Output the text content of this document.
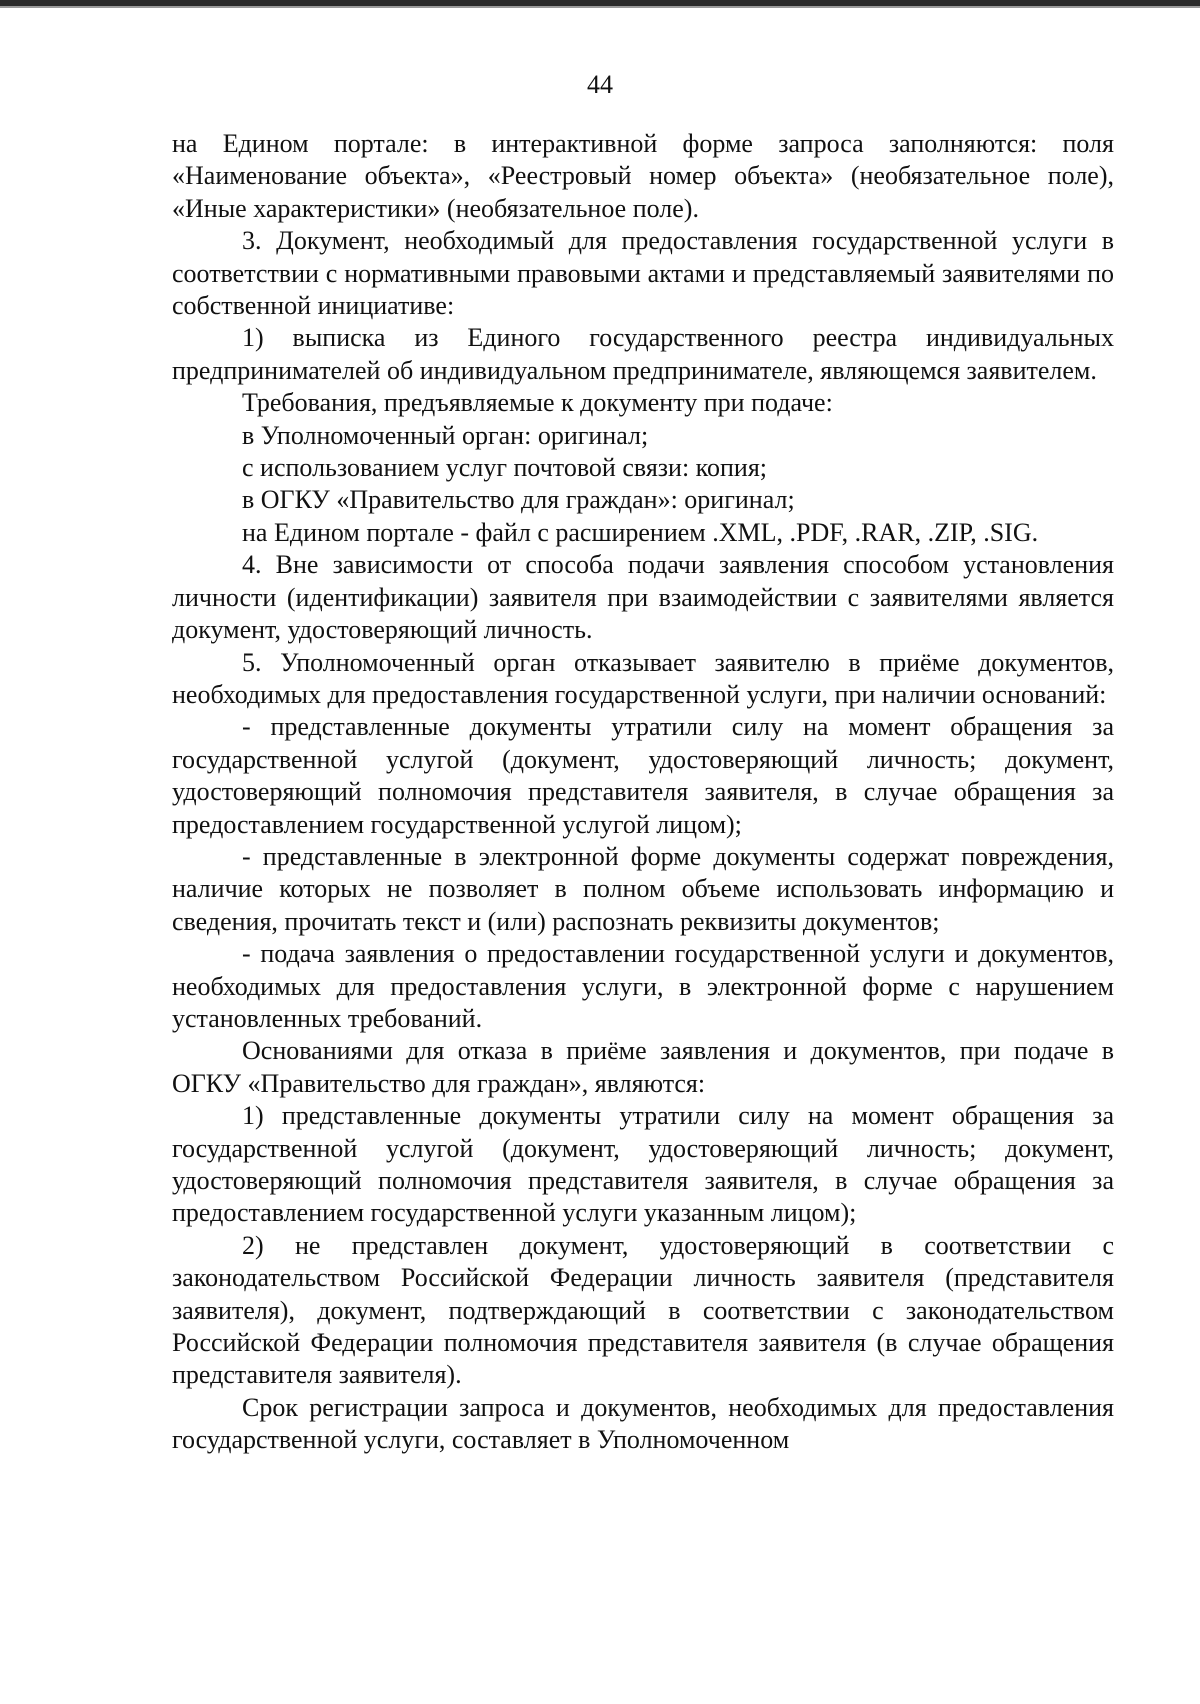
44

на Едином портале: в интерактивной форме запроса заполняются: поля «Наименование объекта», «Реестровый номер объекта» (необязательное поле), «Иные характеристики» (необязательное поле).

3. Документ, необходимый для предоставления государственной услуги в соответствии с нормативными правовыми актами и представляемый заявителями по собственной инициативе:

1) выписка из Единого государственного реестра индивидуальных предпринимателей об индивидуальном предпринимателе, являющемся заявителем.

Требования, предъявляемые к документу при подаче:

в Уполномоченный орган: оригинал;

с использованием услуг почтовой связи: копия;

в ОГКУ «Правительство для граждан»: оригинал;

на Едином портале - файл с расширением .XML, .PDF, .RAR, .ZIP, .SIG.

4. Вне зависимости от способа подачи заявления способом установления личности (идентификации) заявителя при взаимодействии с заявителями является документ, удостоверяющий личность.

5. Уполномоченный орган отказывает заявителю в приёме документов, необходимых для предоставления государственной услуги, при наличии оснований:

- представленные документы утратили силу на момент обращения за государственной услугой (документ, удостоверяющий личность; документ, удостоверяющий полномочия представителя заявителя, в случае обращения за предоставлением государственной услугой лицом);

- представленные в электронной форме документы содержат повреждения, наличие которых не позволяет в полном объеме использовать информацию и сведения, прочитать текст и (или) распознать реквизиты документов;

- подача заявления о предоставлении государственной услуги и документов, необходимых для предоставления услуги, в электронной форме с нарушением установленных требований.

Основаниями для отказа в приёме заявления и документов, при подаче в ОГКУ «Правительство для граждан», являются:

1) представленные документы утратили силу на момент обращения за государственной услугой (документ, удостоверяющий личность; документ, удостоверяющий полномочия представителя заявителя, в случае обращения за предоставлением государственной услуги указанным лицом);

2) не представлен документ, удостоверяющий в соответствии с законодательством Российской Федерации личность заявителя (представителя заявителя), документ, подтверждающий в соответствии с законодательством Российской Федерации полномочия представителя заявителя (в случае обращения представителя заявителя).

Срок регистрации запроса и документов, необходимых для предоставления государственной услуги, составляет в Уполномоченном
